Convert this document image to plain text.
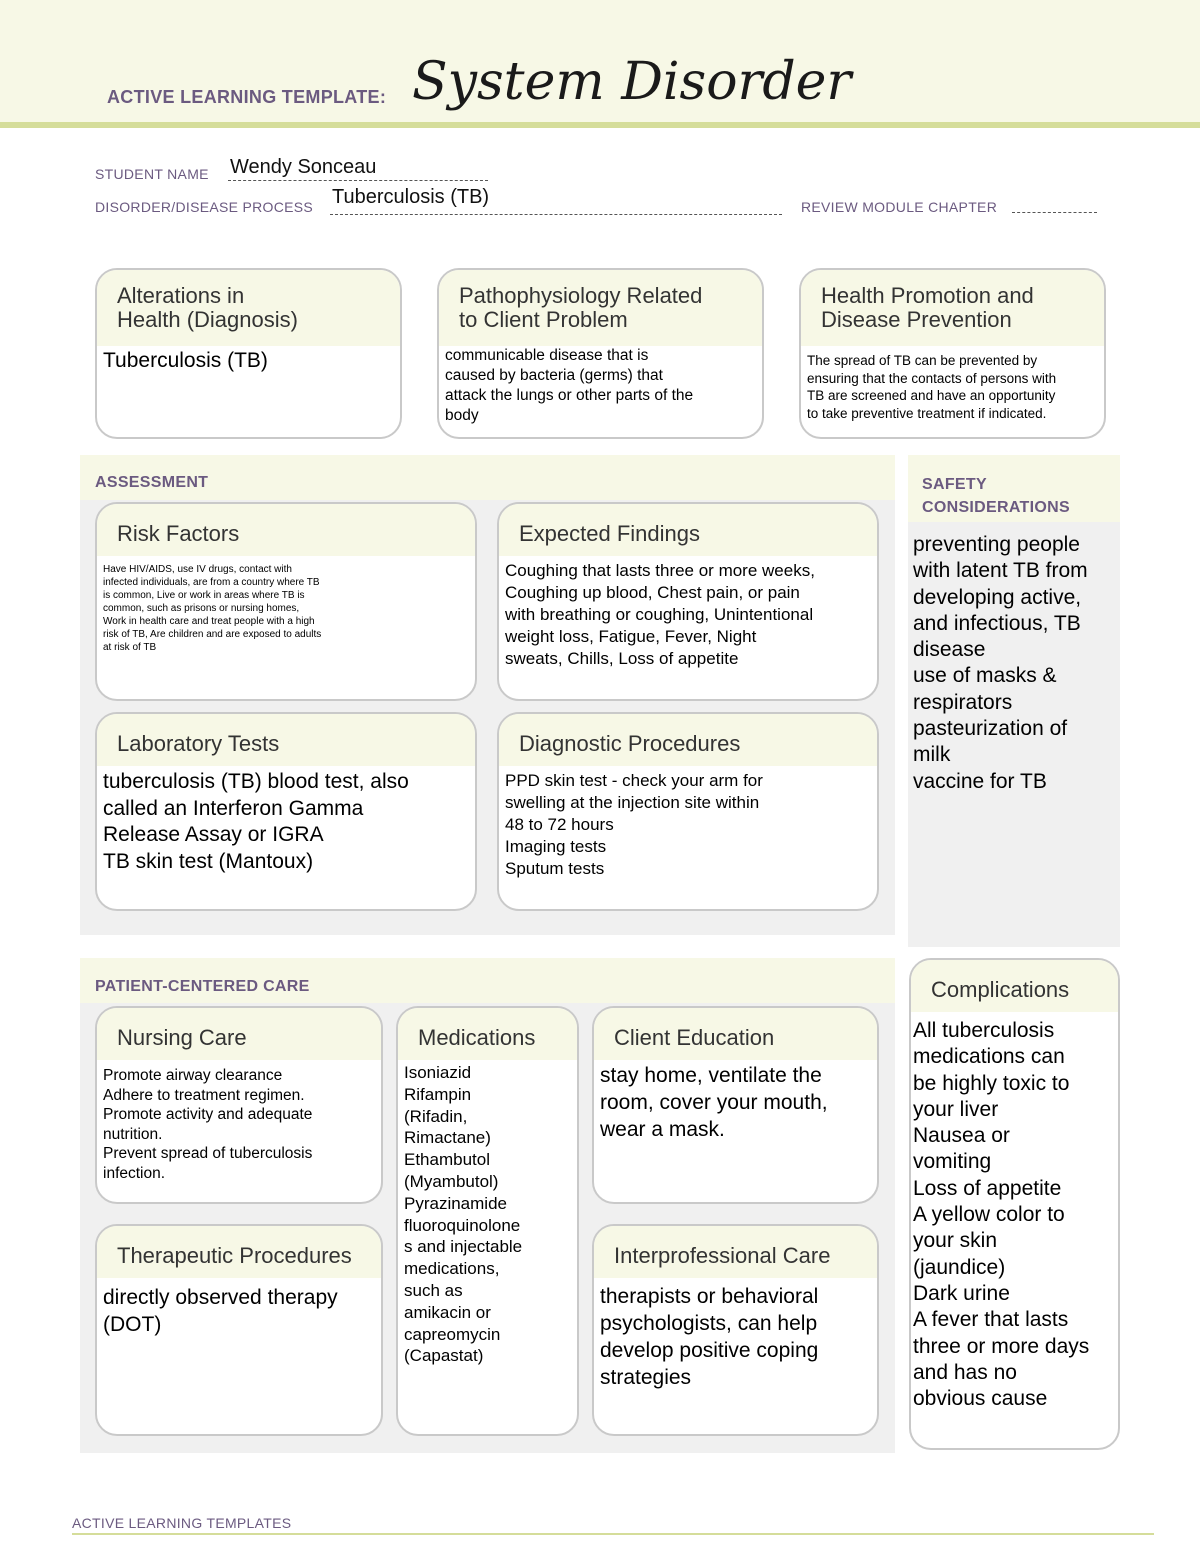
ACTIVE LEARNING TEMPLATE: System Disorder
STUDENT NAME Wendy Sonceau
DISORDER/DISEASE PROCESS Tuberculosis (TB)	REVIEW MODULE CHAPTER
Alterations in
Health (Diagnosis)
Tuberculosis (TB)
Pathophysiology Related
to Client Problem
communicable disease that is
caused by bacteria (germs) that
attack the lungs or other parts of the
body
Health Promotion and
Disease Prevention
The spread of TB can be prevented by
ensuring that the contacts of persons with
TB are screened and have an opportunity
to take preventive treatment if indicated.
ASSESSMENT
Risk Factors
Have HIV/AIDS, use IV drugs, contact with
infected individuals, are from a country where TB
is common, Live or work in areas where TB is
common, such as prisons or nursing homes,
Work in health care and treat people with a high
risk of TB, Are children and are exposed to adults
at risk of TB
Expected Findings
Coughing that lasts three or more weeks,
Coughing up blood, Chest pain, or pain
with breathing or coughing, Unintentional
weight loss, Fatigue, Fever, Night
sweats, Chills, Loss of appetite
Laboratory Tests
tuberculosis (TB) blood test, also
called an Interferon Gamma
Release Assay or IGRA
TB skin test (Mantoux)
Diagnostic Procedures
PPD skin test - check your arm for
swelling at the injection site within
48 to 72 hours
Imaging tests
Sputum tests
SAFETY
CONSIDERATIONS
preventing people
with latent TB from
developing active,
and infectious, TB
disease
use of masks &
respirators
pasteurization of
milk
vaccine for TB
PATIENT-CENTERED CARE
Nursing Care
Promote airway clearance
Adhere to treatment regimen.
Promote activity and adequate
nutrition.
Prevent spread of tuberculosis
infection.
Medications
Isoniazid
Rifampin
(Rifadin,
Rimactane)
Ethambutol
(Myambutol)
Pyrazinamide
fluoroquinolone
s and injectable
medications,
such as
amikacin or
capreomycin
(Capastat)
Client Education
stay home, ventilate the
room, cover your mouth,
wear a mask.
Therapeutic Procedures
directly observed therapy
(DOT)
Interprofessional Care
therapists or behavioral
psychologists, can help
develop positive coping
strategies
Complications
All tuberculosis
medications can
be highly toxic to
your liver
Nausea or
vomiting
Loss of appetite
A yellow color to
your skin
(jaundice)
Dark urine
A fever that lasts
three or more days
and has no
obvious cause
ACTIVE LEARNING TEMPLATES
